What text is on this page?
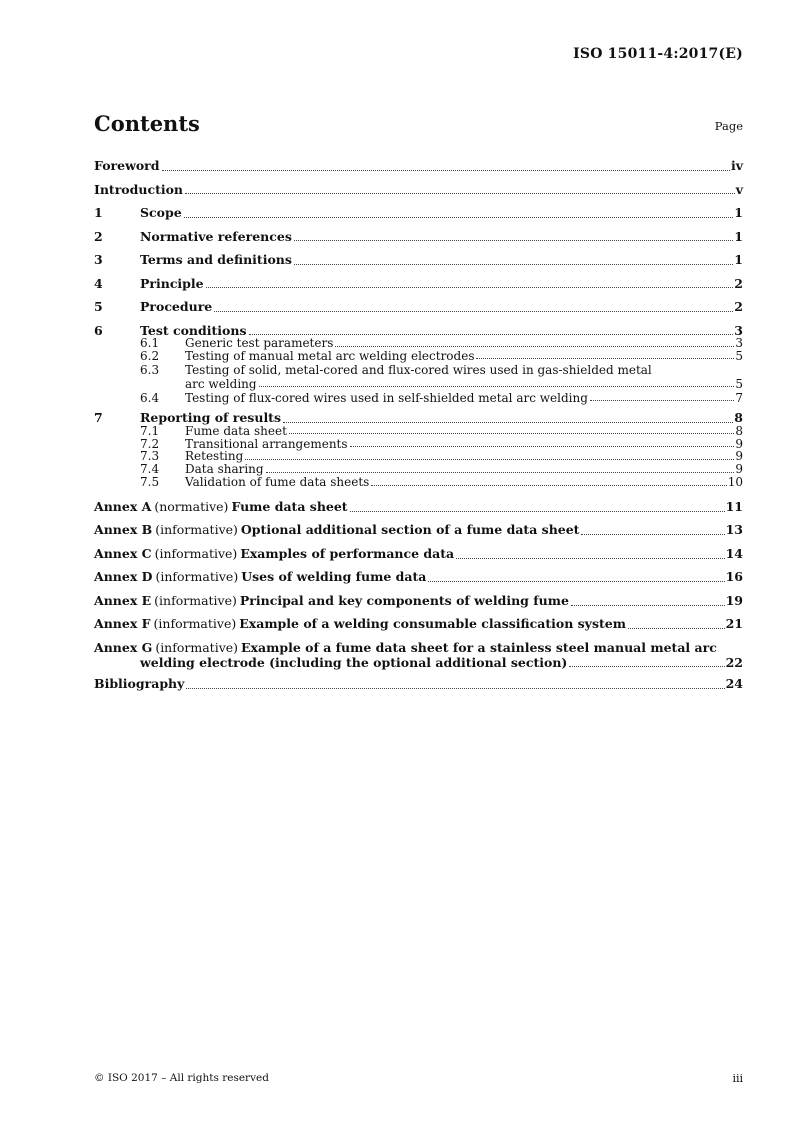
ISO 15011-4:2017(E)
Contents	Page
Foreword	iv
Introduction	v
1	Scope	1
2	Normative references	1
3	Terms and definitions	1
4	Principle	2
5	Procedure	2
6	Test conditions	3
6.1	Generic test parameters	3
6.2	Testing of manual metal arc welding electrodes	5
6.3	Testing of solid, metal-cored and flux-cored wires used in gas-shielded metal
arc welding	5
6.4	Testing of flux-cored wires used in self-shielded metal arc welding	7
7	Reporting of results	8
7.1	Fume data sheet	8
7.2	Transitional arrangements	9
7.3	Retesting	9
7.4	Data sharing	9
7.5	Validation of fume data sheets	10
Annex A (normative) Fume data sheet	11
Annex B (informative) Optional additional section of a fume data sheet	13
Annex C (informative) Examples of performance data	14
Annex D (informative) Uses of welding fume data	16
Annex E (informative) Principal and key components of welding fume	19
Annex F (informative) Example of a welding consumable classification system	21
Annex G (informative) Example of a fume data sheet for a stainless steel manual metal arc
welding electrode (including the optional additional section)	22
Bibliography	24
© ISO 2017 – All rights reserved	iii
